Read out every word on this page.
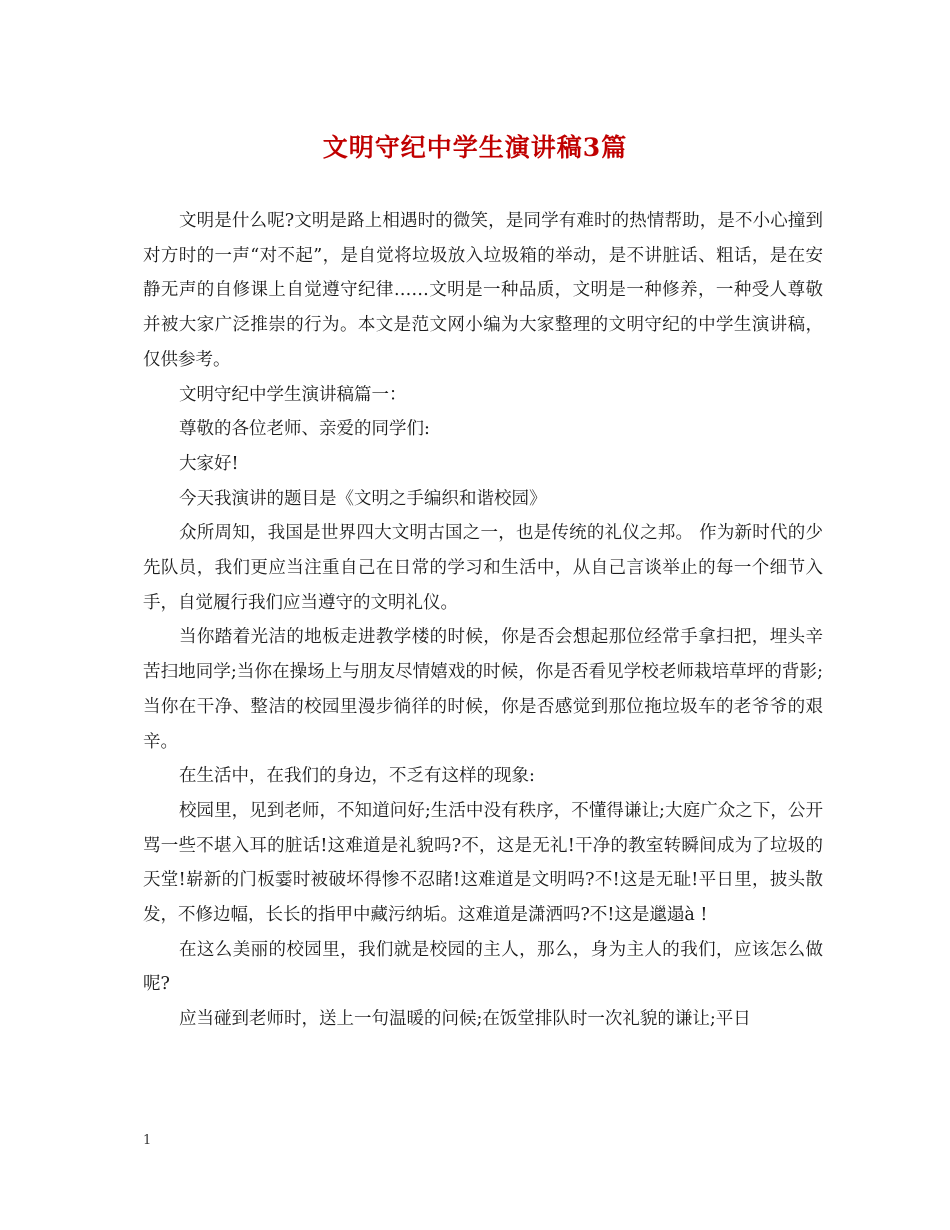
文明守纪中学生演讲稿3篇

文明是什么呢?文明是路上相遇时的微笑，是同学有难时的热情帮助，是不小心撞到对方时的一声“对不起”，是自觉将垃圾放入垃圾箱的举动，是不讲脏话、粗话，是在安静无声的自修课上自觉遵守纪律……文明是一种品质，文明是一种修养，一种受人尊敬并被大家广泛推崇的行为。本文是范文网小编为大家整理的文明守纪的中学生演讲稿，仅供参考。

文明守纪中学生演讲稿篇一：

尊敬的各位老师、亲爱的同学们:

大家好!

今天我演讲的题目是《文明之手编织和谐校园》

众所周知，我国是世界四大文明古国之一，也是传统的礼仪之邦。 作为新时代的少先队员，我们更应当注重自己在日常的学习和生活中，从自己言谈举止的每一个细节入手，自觉履行我们应当遵守的文明礼仪。

当你踏着光洁的地板走进教学楼的时候，你是否会想起那位经常手拿扫把，埋头辛苦扫地同学;当你在操场上与朋友尽情嬉戏的时候，你是否看见学校老师栽培草坪的背影;当你在干净、整洁的校园里漫步徜徉的时候，你是否感觉到那位拖垃圾车的老爷爷的艰辛。

在生活中，在我们的身边，不乏有这样的现象:

校园里，见到老师，不知道问好;生活中没有秩序，不懂得谦让;大庭广众之下，公开骂一些不堪入耳的脏话!这难道是礼貌吗?不，这是无礼!干净的教室转瞬间成为了垃圾的天堂!崭新的门板霎时被破坏得惨不忍睹!这难道是文明吗?不!这是无耻!平日里，披头散发，不修边幅，长长的指甲中藏污纳垢。这难道是潇洒吗?不!这是邋遢à !

在这么美丽的校园里，我们就是校园的主人，那么，身为主人的我们，应该怎么做呢?

应当碰到老师时，送上一句温暖的问候;在饭堂排队时一次礼貌的谦让;平日

1
